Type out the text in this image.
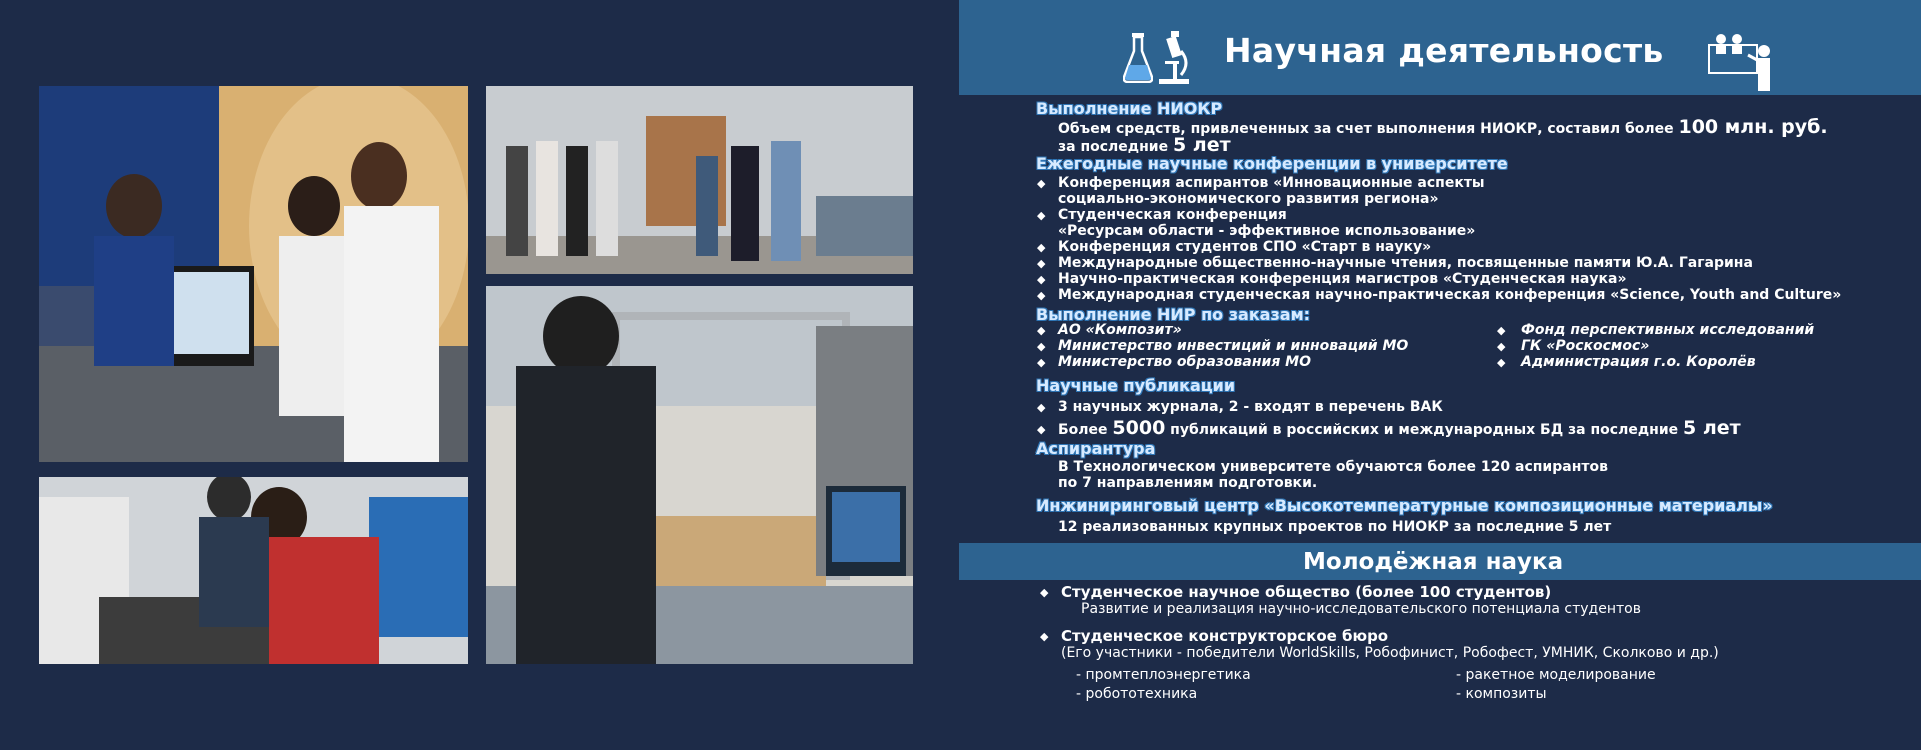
Научная деятельность
Выполнение НИОКР
Объем средств, привлеченных за счет выполнения НИОКР, составил более 100 млн. руб.
за последние 5 лет
Ежегодные научные конференции в университете
◆ Конференция аспирантов «Инновационные аспекты
социально-экономического развития региона»
◆ Студенческая конференция
«Ресурсам области - эффективное использование»
◆ Конференция студентов СПО «Старт в науку»
◆ Международные общественно-научные чтения, посвященные памяти Ю.А. Гагарина
◆ Научно-практическая конференция магистров «Студенческая наука»
◆ Международная студенческая научно-практическая конференция «Science, Youth and Culture»
Выполнение НИР по заказам:
◆ АО «Композит»
◆ Министерство инвестиций и инноваций МО
◆ Министерство образования МО
◆ Фонд перспективных исследований
◆ ГК «Роскосмос»
◆ Администрация г.о. Королёв
Научные публикации
◆ 3 научных журнала, 2 - входят в перечень ВАК
◆ Более 5000 публикаций в российских и международных БД за последние 5 лет
Аспирантура
В Технологическом университете обучаются более 120 аспирантов
по 7 направлениям подготовки.
Инжиниринговый центр «Высокотемпературные композиционные материалы»
12 реализованных крупных проектов по НИОКР за последние 5 лет
Молодёжная наука
◆ Студенческое научное общество (более 100 студентов)
Развитие и реализация научно-исследовательского потенциала студентов
◆ Студенческое конструкторское бюро
(Его участники - победители WorldSkills, Робофинист, Робофест, УМНИК, Сколково и др.)
- промтеплоэнергетика	- ракетное моделирование
- робототехника	- композиты
